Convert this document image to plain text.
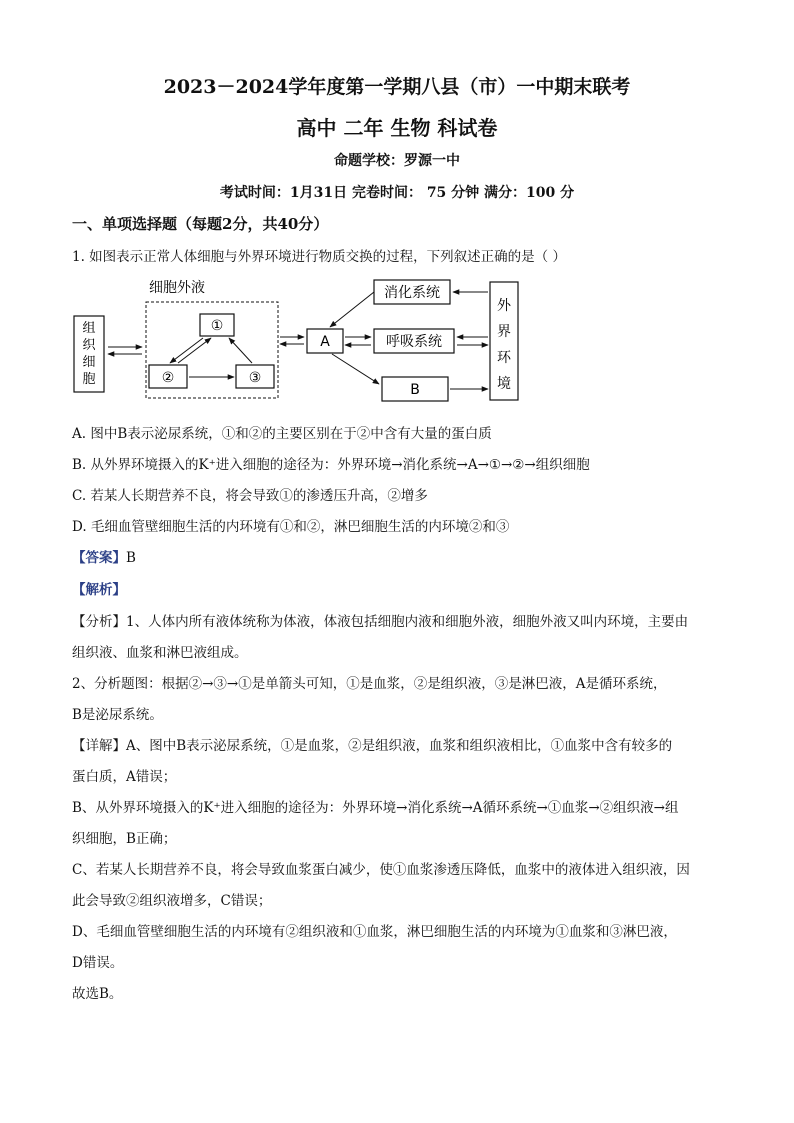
2023－2024学年度第一学期八县（市）一中期末联考
高中 二年 生物 科试卷
命题学校：罗源一中
考试时间：1月31日 完卷时间： 75 分钟 满分：100 分
一、单项选择题（每题2分，共40分）
1. 如图表示正常人体细胞与外界环境进行物质交换的过程，下列叙述正确的是（ ）
组
织
细
胞
细胞外液
①
②	③
A
消化系统
呼吸系统
B
外
界
环
境
A. 图中B表示泌尿系统，①和②的主要区别在于②中含有大量的蛋白质
B. 从外界环境摄入的K⁺进入细胞的途径为：外界环境→消化系统→A→①→②→组织细胞
C. 若某人长期营养不良，将会导致①的渗透压升高，②增多
D. 毛细血管壁细胞生活的内环境有①和②，淋巴细胞生活的内环境②和③
【答案】B
【解析】
【分析】1、人体内所有液体统称为体液，体液包括细胞内液和细胞外液，细胞外液又叫内环境，主要由
组织液、血浆和淋巴液组成。
2、分析题图：根据②→③→①是单箭头可知，①是血浆，②是组织液，③是淋巴液，A是循环系统，
B是泌尿系统。
【详解】A、图中B表示泌尿系统，①是血浆，②是组织液，血浆和组织液相比，①血浆中含有较多的
蛋白质，A错误；
B、从外界环境摄入的K⁺进入细胞的途径为：外界环境→消化系统→A循环系统→①血浆→②组织液→组
织细胞，B正确；
C、若某人长期营养不良，将会导致血浆蛋白减少，使①血浆渗透压降低，血浆中的液体进入组织液，因
此会导致②组织液增多，C错误；
D、毛细血管壁细胞生活的内环境有②组织液和①血浆，淋巴细胞生活的内环境为①血浆和③淋巴液，
D错误。
故选B。
